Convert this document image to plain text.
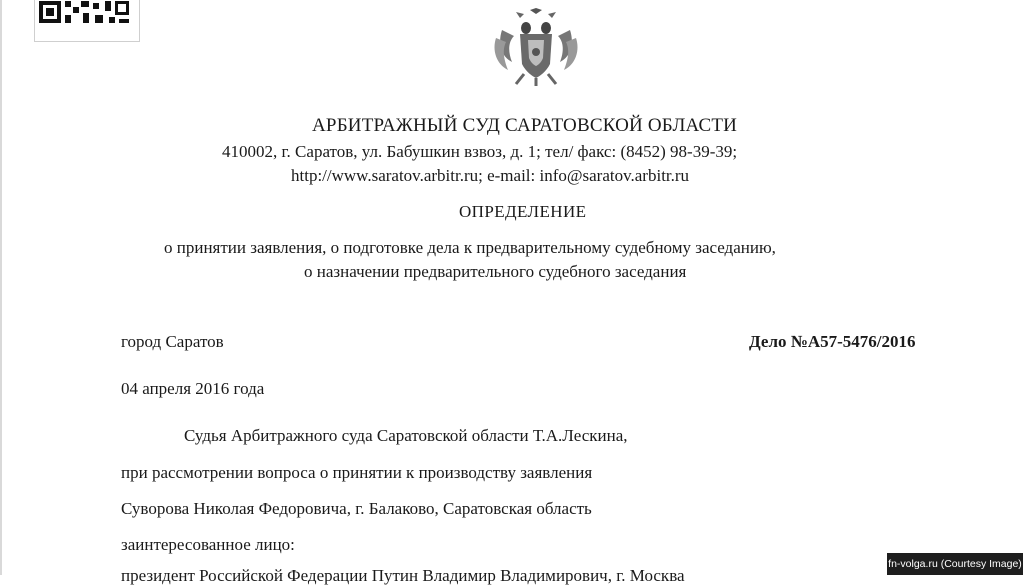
АРБИТРАЖНЫЙ СУД САРАТОВСКОЙ ОБЛАСТИ
410002, г. Саратов, ул. Бабушкин взвоз, д. 1; тел/ факс: (8452) 98-39-39;
http://www.saratov.arbitr.ru; e-mail: info@saratov.arbitr.ru
ОПРЕДЕЛЕНИЕ
о принятии заявления, о подготовке дела к предварительному судебному заседанию,
о назначении предварительного судебного заседания
город Саратов	Дело №А57-5476/2016
04 апреля 2016 года
Судья Арбитражного суда Саратовской области Т.А.Лескина,
при рассмотрении вопроса о принятии к производству заявления
Суворова Николая Федоровича, г. Балаково, Саратовская область
заинтересованное лицо:
президент Российской Федерации Путин Владимир Владимирович, г. Москва
fn-volga.ru (Courtesy Image)
